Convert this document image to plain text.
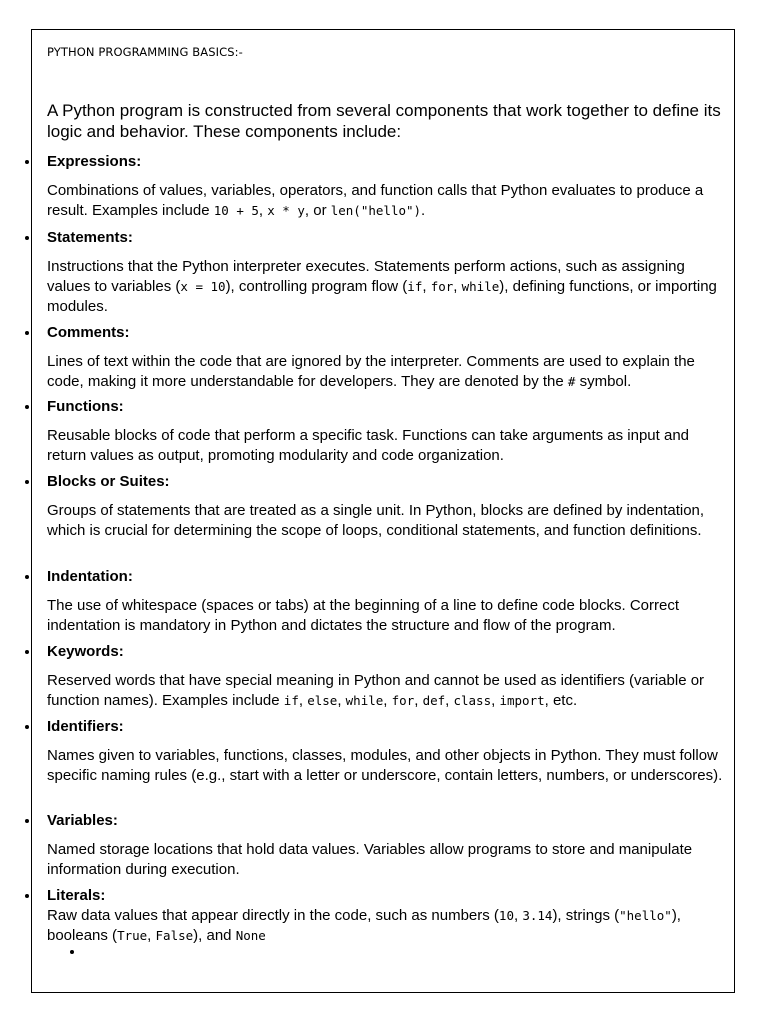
PYTHON PROGRAMMING BASICS:-
A Python program is constructed from several components that work together to define its logic and behavior. These components include:
Expressions:
Combinations of values, variables, operators, and function calls that Python evaluates to produce a result. Examples include 10 + 5, x * y, or len("hello").
Statements:
Instructions that the Python interpreter executes. Statements perform actions, such as assigning values to variables (x = 10), controlling program flow (if, for, while), defining functions, or importing modules.
Comments:
Lines of text within the code that are ignored by the interpreter. Comments are used to explain the code, making it more understandable for developers. They are denoted by the # symbol.
Functions:
Reusable blocks of code that perform a specific task. Functions can take arguments as input and return values as output, promoting modularity and code organization.
Blocks or Suites:
Groups of statements that are treated as a single unit. In Python, blocks are defined by indentation, which is crucial for determining the scope of loops, conditional statements, and function definitions.
Indentation:
The use of whitespace (spaces or tabs) at the beginning of a line to define code blocks. Correct indentation is mandatory in Python and dictates the structure and flow of the program.
Keywords:
Reserved words that have special meaning in Python and cannot be used as identifiers (variable or function names). Examples include if, else, while, for, def, class, import, etc.
Identifiers:
Names given to variables, functions, classes, modules, and other objects in Python. They must follow specific naming rules (e.g., start with a letter or underscore, contain letters, numbers, or underscores).
Variables:
Named storage locations that hold data values. Variables allow programs to store and manipulate information during execution.
Literals:
Raw data values that appear directly in the code, such as numbers (10, 3.14), strings ("hello"), booleans (True, False), and None
